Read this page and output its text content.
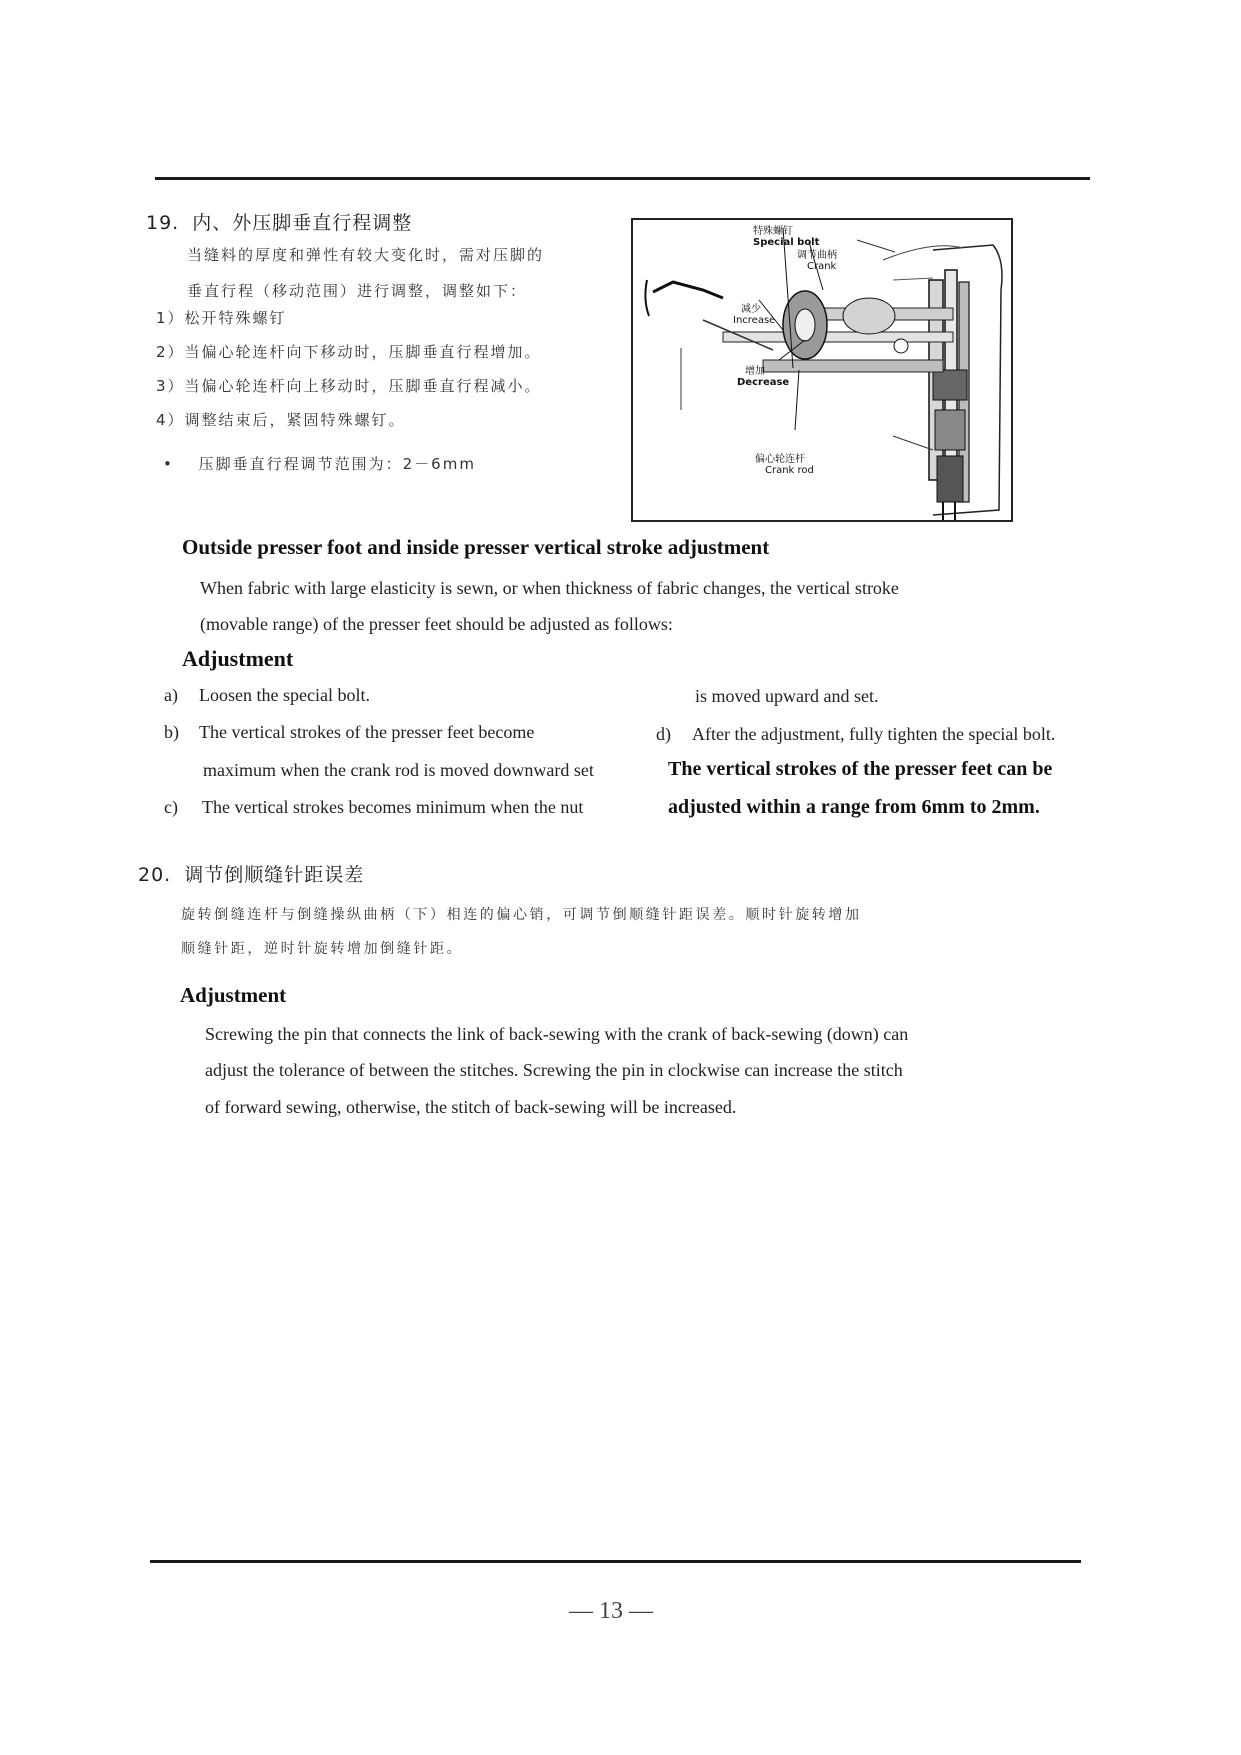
19. 内、外压脚垂直行程调整
当缝料的厚度和弹性有较大变化时，需对压脚的
垂直行程（移动范围）进行调整，调整如下：
1）松开特殊螺钉
2）当偏心轮连杆向下移动时，压脚垂直行程增加。
3）当偏心轮连杆向上移动时，压脚垂直行程减小。
4）调整结束后，紧固特殊螺钉。
• 压脚垂直行程调节范围为：2－6mm
特殊螺钉
Special bolt
调节曲柄
Crank
减少
Increase
增加
Decrease
偏心轮连杆
Crank rod
Outside presser foot and inside presser vertical stroke adjustment
When fabric with large elasticity is sewn, or when thickness of fabric changes, the vertical stroke
(movable range) of the presser feet should be adjusted as follows:
Adjustment
a) Loosen the special bolt.
b) The vertical strokes of the presser feet become
maximum when the crank rod is moved downward set
c) The vertical strokes becomes minimum when the nut
is moved upward and set.
d) After the adjustment, fully tighten the special bolt.
The vertical strokes of the presser feet can be
adjusted within a range from 6mm to 2mm.
20. 调节倒顺缝针距误差
旋转倒缝连杆与倒缝操纵曲柄（下）相连的偏心销，可调节倒顺缝针距误差。顺时针旋转增加
顺缝针距，逆时针旋转增加倒缝针距。
Adjustment
Screwing the pin that connects the link of back-sewing with the crank of back-sewing (down) can
adjust the tolerance of between the stitches. Screwing the pin in clockwise can increase the stitch
of forward sewing, otherwise, the stitch of back-sewing will be increased.
— 13 —
